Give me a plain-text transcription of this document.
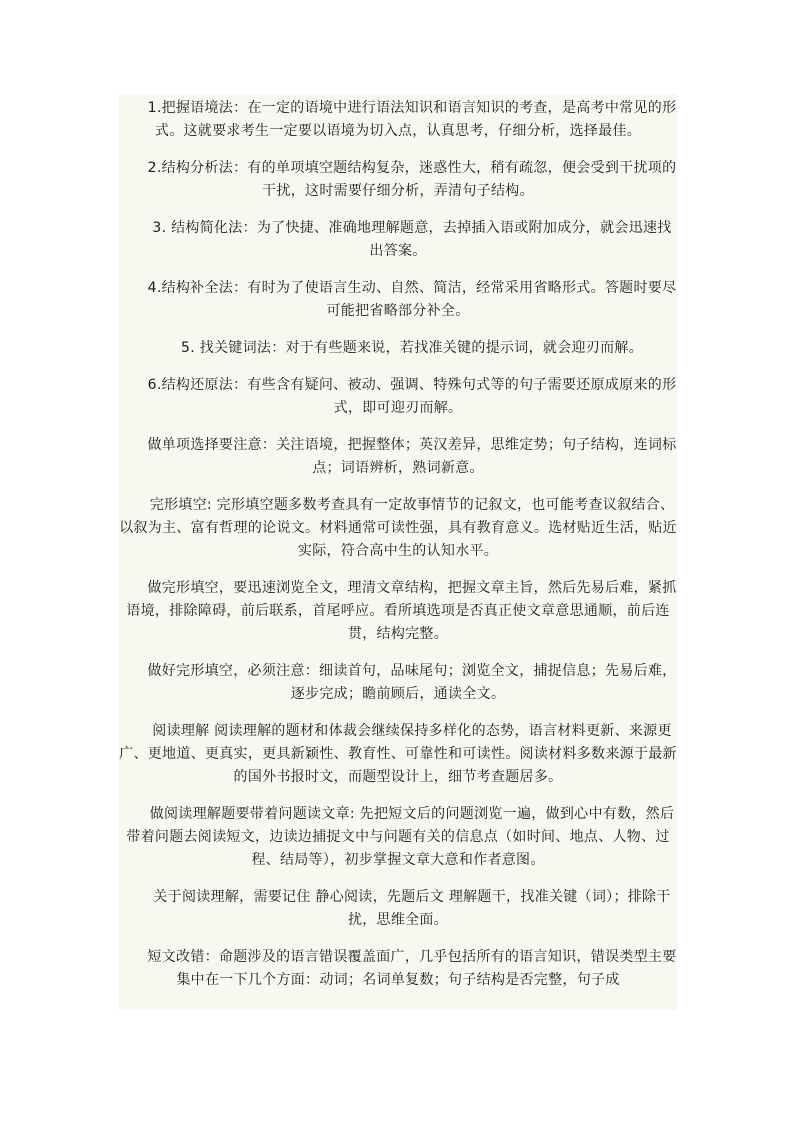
1.把握语境法：在一定的语境中进行语法知识和语言知识的考查，是高考中常见的形式。这就要求考生一定要以语境为切入点，认真思考，仔细分析，选择最佳。

2.结构分析法：有的单项填空题结构复杂，迷惑性大，稍有疏忽，便会受到干扰项的干扰，这时需要仔细分析，弄清句子结构。

3. 结构简化法：为了快捷、准确地理解题意，去掉插入语或附加成分，就会迅速找出答案。

4.结构补全法：有时为了使语言生动、自然、简洁，经常采用省略形式。答题时要尽可能把省略部分补全。

5. 找关键词法：对于有些题来说，若找准关键的提示词，就会迎刃而解。

6.结构还原法：有些含有疑问、被动、强调、特殊句式等的句子需要还原成原来的形式，即可迎刃而解。

做单项选择要注意：关注语境，把握整体；英汉差异，思维定势；句子结构，连词标点；词语辨析，熟词新意。

完形填空: 完形填空题多数考查具有一定故事情节的记叙文，也可能考查议叙结合、以叙为主、富有哲理的论说文。材料通常可读性强，具有教育意义。选材贴近生活，贴近实际，符合高中生的认知水平。

做完形填空，要迅速浏览全文，理清文章结构，把握文章主旨，然后先易后难，紧抓语境，排除障碍，前后联系，首尾呼应。看所填选项是否真正使文章意思通顺，前后连贯，结构完整。

做好完形填空，必须注意：细读首句，品味尾句；浏览全文，捕捉信息；先易后难，逐步完成；瞻前顾后，通读全文。

阅读理解 阅读理解的题材和体裁会继续保持多样化的态势，语言材料更新、来源更广、更地道、更真实，更具新颖性、教育性、可靠性和可读性。阅读材料多数来源于最新的国外书报时文，而题型设计上，细节考查题居多。

做阅读理解题要带着问题读文章: 先把短文后的问题浏览一遍，做到心中有数，然后带着问题去阅读短文，边读边捕捉文中与问题有关的信息点（如时间、地点、人物、过程、结局等），初步掌握文章大意和作者意图。

关于阅读理解，需要记住 静心阅读，先题后文 理解题干，找准关键（词）；排除干扰，思维全面。

短文改错：命题涉及的语言错误覆盖面广，几乎包括所有的语言知识，错误类型主要集中在一下几个方面：动词；名词单复数；句子结构是否完整，句子成
